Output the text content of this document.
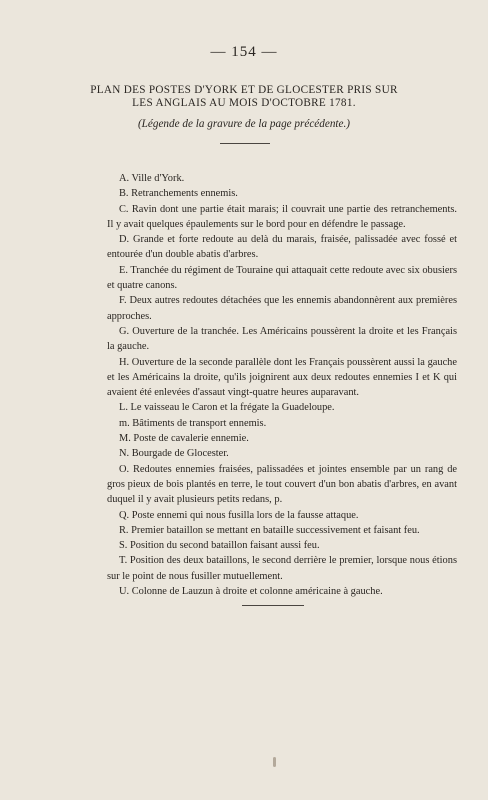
— 154 —
PLAN DES POSTES D'YORK ET DE GLOCESTER PRIS SUR
LES ANGLAIS AU MOIS D'OCTOBRE 1781.
(Légende de la gravure de la page précédente.)

A. Ville d'York.

B. Retranchements ennemis.

C. Ravin dont une partie était marais; il couvrait une partie des retranchements. Il y avait quelques épaulements sur le bord pour en défendre le passage.

D. Grande et forte redoute au delà du marais, fraisée, palissadée avec fossé et entourée d'un double abatis d'arbres.

E. Tranchée du régiment de Touraine qui attaquait cette redoute avec six obusiers et quatre canons.

F. Deux autres redoutes détachées que les ennemis abandonnèrent aux premières approches.

G. Ouverture de la tranchée. Les Américains poussèrent la droite et les Français la gauche.

H. Ouverture de la seconde parallèle dont les Français poussèrent aussi la gauche et les Américains la droite, qu'ils joignirent aux deux redoutes ennemies I et K qui avaient été enlevées d'assaut vingt-quatre heures auparavant.

L. Le vaisseau le Caron et la frégate la Guadeloupe.

m. Bâtiments de transport ennemis.

M. Poste de cavalerie ennemie.

N. Bourgade de Glocester.

O. Redoutes ennemies fraisées, palissadées et jointes ensemble par un rang de gros pieux de bois plantés en terre, le tout couvert d'un bon abatis d'arbres, en avant duquel il y avait plusieurs petits redans, p.

Q. Poste ennemi qui nous fusilla lors de la fausse attaque.

R. Premier bataillon se mettant en bataille successivement et faisant feu.

S. Position du second bataillon faisant aussi feu.

T. Position des deux bataillons, le second derrière le premier, lorsque nous étions sur le point de nous fusiller mutuellement.

U. Colonne de Lauzun à droite et colonne américaine à gauche.
